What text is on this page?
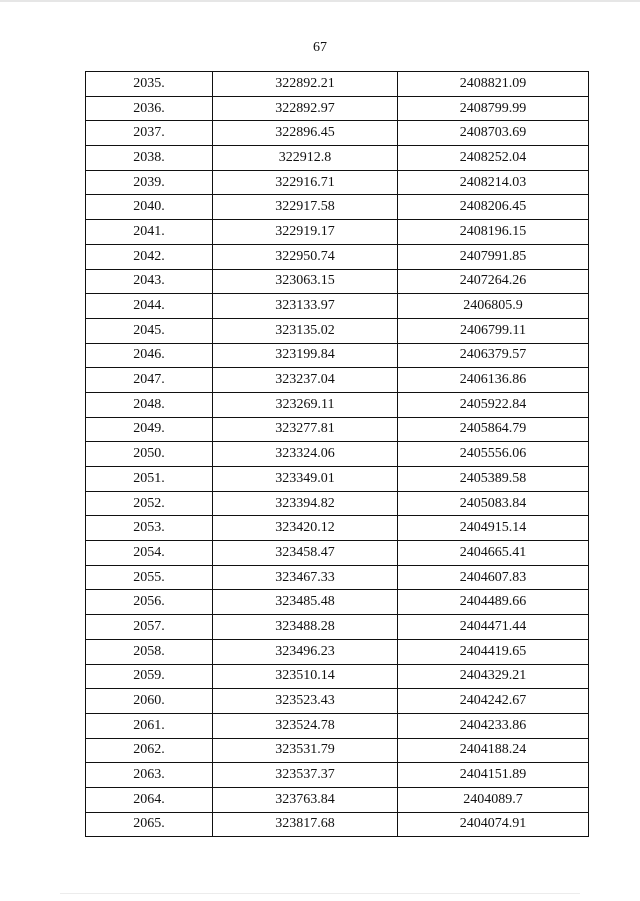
67
2035.	322892.21	2408821.09
2036.	322892.97	2408799.99
2037.	322896.45	2408703.69
2038.	322912.8	2408252.04
2039.	322916.71	2408214.03
2040.	322917.58	2408206.45
2041.	322919.17	2408196.15
2042.	322950.74	2407991.85
2043.	323063.15	2407264.26
2044.	323133.97	2406805.9
2045.	323135.02	2406799.11
2046.	323199.84	2406379.57
2047.	323237.04	2406136.86
2048.	323269.11	2405922.84
2049.	323277.81	2405864.79
2050.	323324.06	2405556.06
2051.	323349.01	2405389.58
2052.	323394.82	2405083.84
2053.	323420.12	2404915.14
2054.	323458.47	2404665.41
2055.	323467.33	2404607.83
2056.	323485.48	2404489.66
2057.	323488.28	2404471.44
2058.	323496.23	2404419.65
2059.	323510.14	2404329.21
2060.	323523.43	2404242.67
2061.	323524.78	2404233.86
2062.	323531.79	2404188.24
2063.	323537.37	2404151.89
2064.	323763.84	2404089.7
2065.	323817.68	2404074.91
